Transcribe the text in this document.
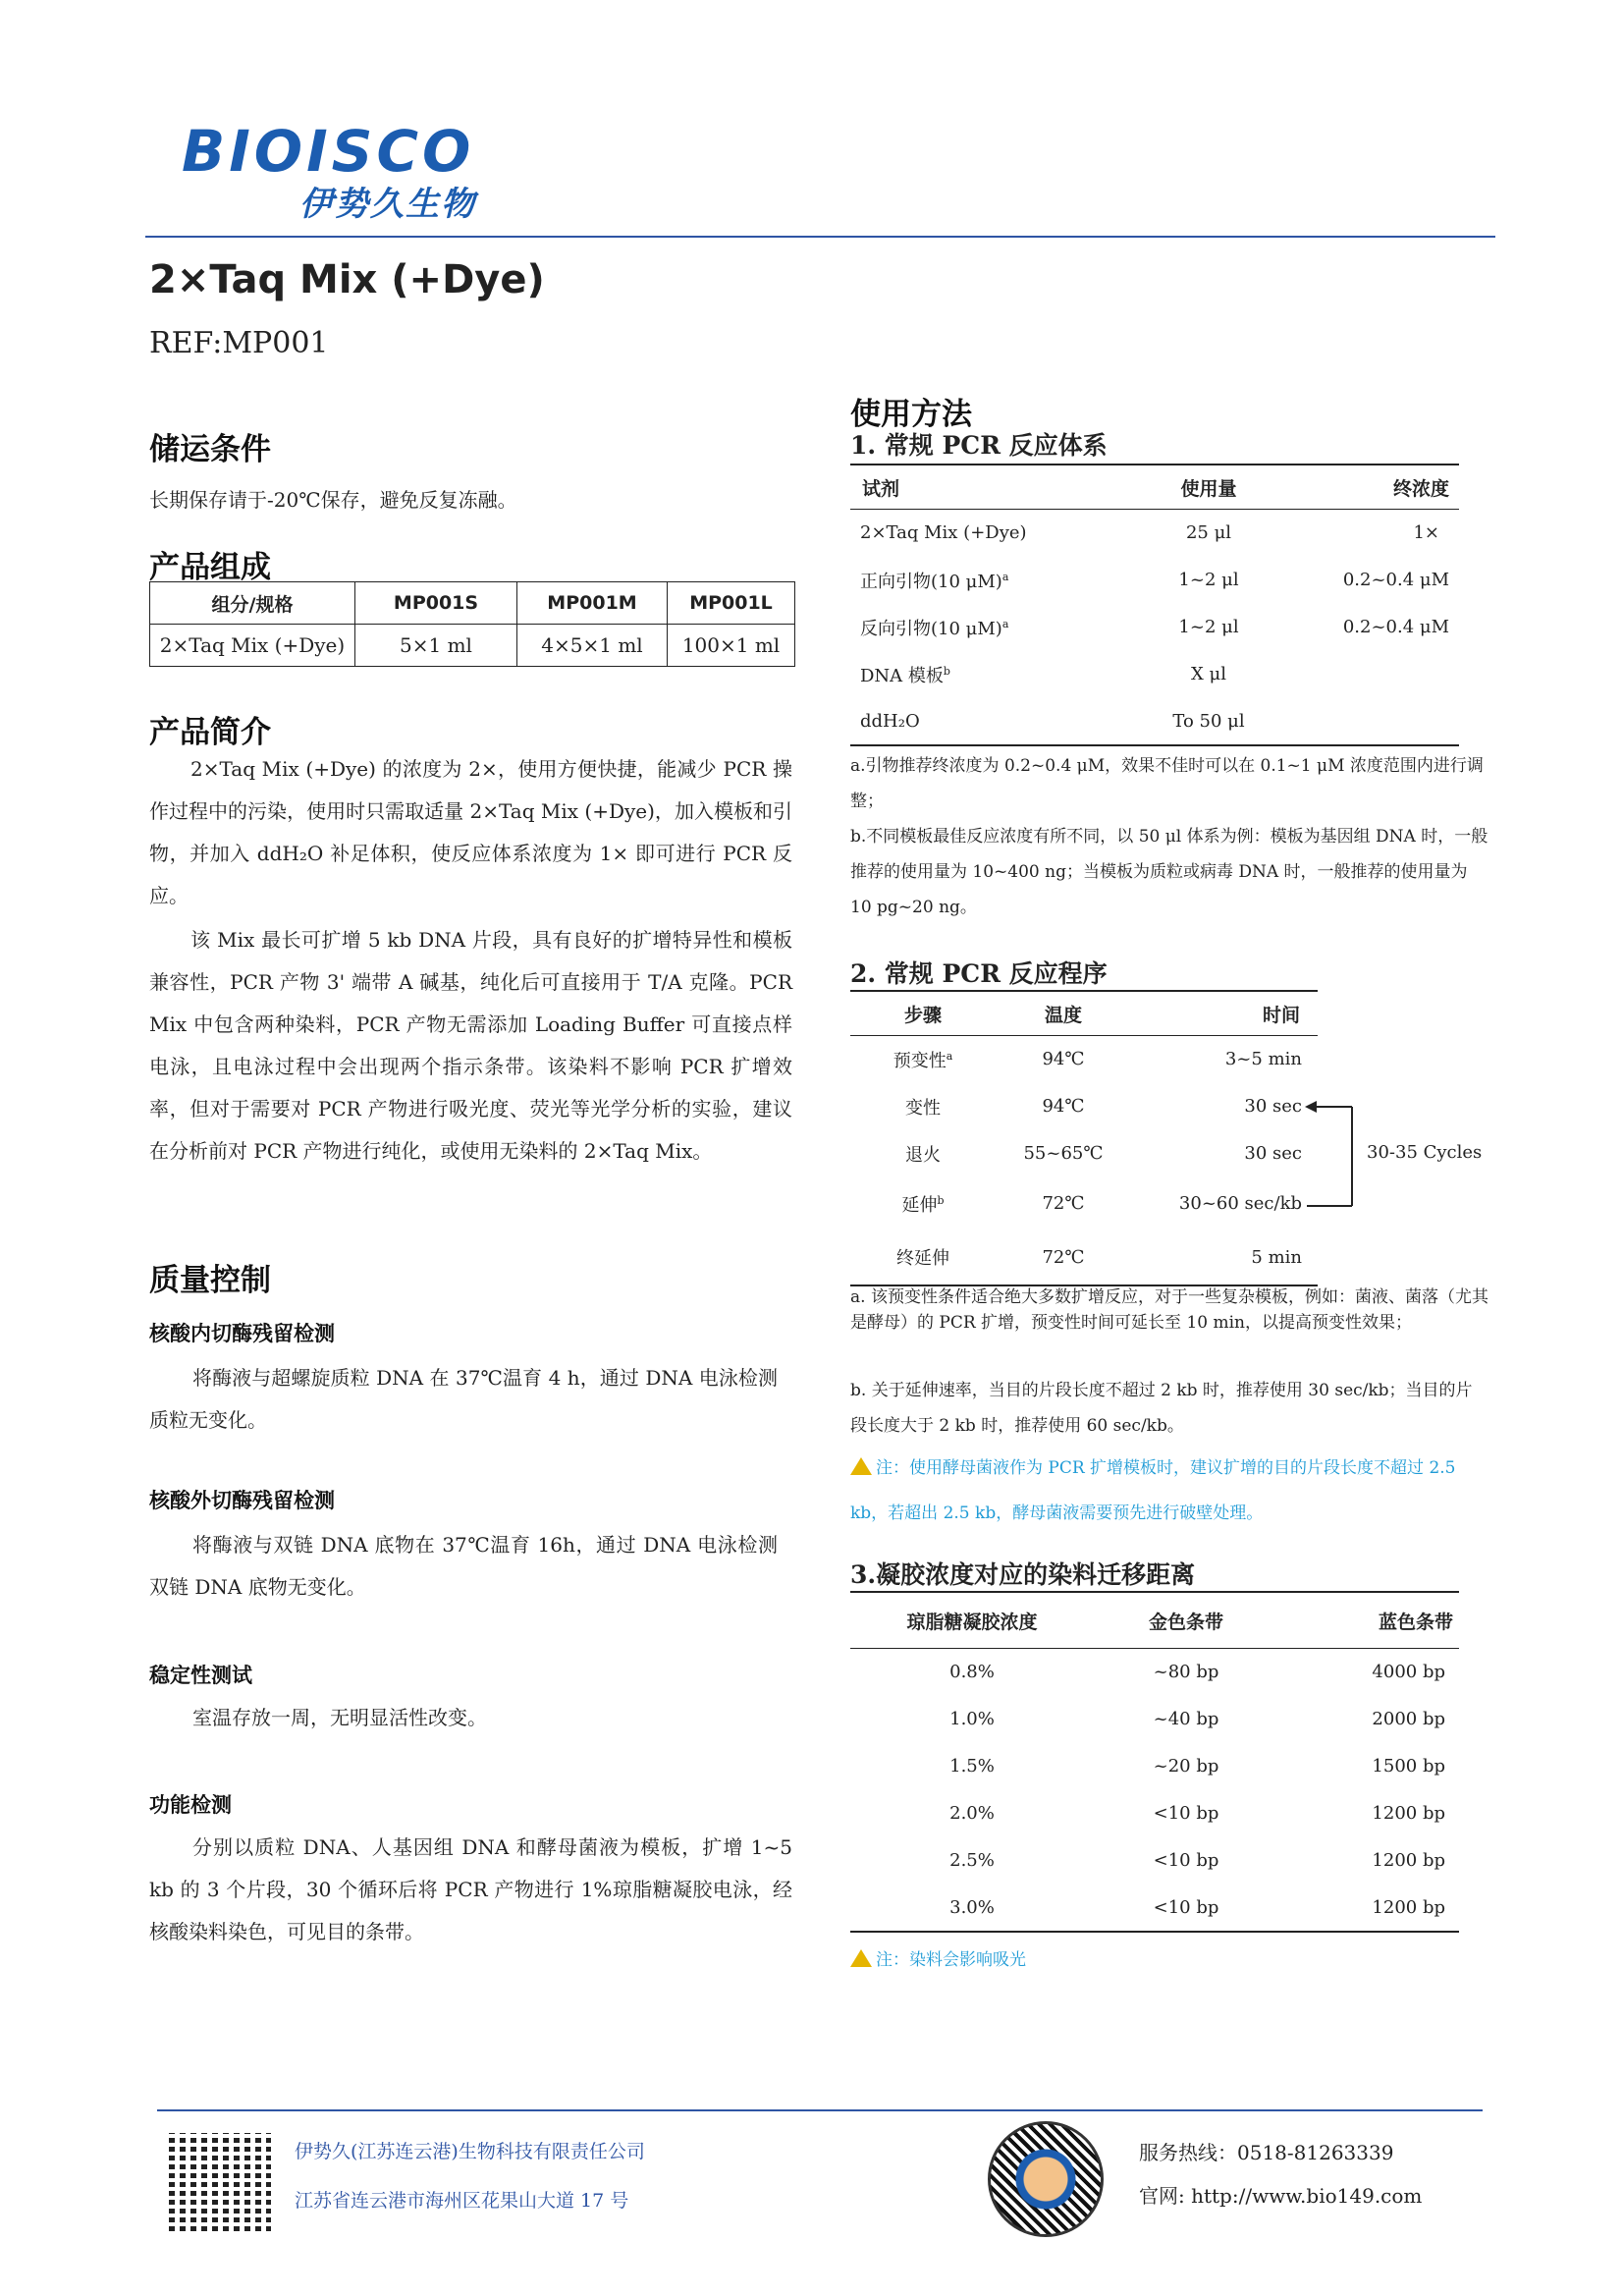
BIOISCO
伊势久生物
2×Taq Mix (+Dye)
REF:MP001
储运条件

长期保存请于-20℃保存，避免反复冻融。

产品组成
组分/规格	MP001S	MP001M	MP001L
2×Taq Mix (+Dye)	5×1 ml	4×5×1 ml	100×1 ml
产品简介

2×Taq Mix (+Dye) 的浓度为 2×，使用方便快捷，能减少 PCR 操作过程中的污染，使用时只需取适量 2×Taq Mix (+Dye)，加入模板和引物，并加入 ddH₂O 补足体积，使反应体系浓度为 1× 即可进行 PCR 反应。

该 Mix 最长可扩增 5 kb DNA 片段，具有良好的扩增特异性和模板兼容性，PCR 产物 3' 端带 A 碱基，纯化后可直接用于 T/A 克隆。PCR Mix 中包含两种染料，PCR 产物无需添加 Loading Buffer 可直接点样电泳，且电泳过程中会出现两个指示条带。该染料不影响 PCR 扩增效率，但对于需要对 PCR 产物进行吸光度、荧光等光学分析的实验，建议在分析前对 PCR 产物进行纯化，或使用无染料的 2×Taq Mix。

质量控制
核酸内切酶残留检测

将酶液与超螺旋质粒 DNA 在 37℃温育 4 h，通过 DNA 电泳检测质粒无变化。

核酸外切酶残留检测

将酶液与双链 DNA 底物在 37℃温育 16h，通过 DNA 电泳检测双链 DNA 底物无变化。

稳定性测试

室温存放一周，无明显活性改变。

功能检测

分别以质粒 DNA、人基因组 DNA 和酵母菌液为模板，扩增 1~5 kb 的 3 个片段，30 个循环后将 PCR 产物进行 1%琼脂糖凝胶电泳，经核酸染料染色，可见目的条带。

使用方法
1. 常规 PCR 反应体系
试剂	使用量	终浓度
2×Taq Mix (+Dye)	25 μl	1×
正向引物(10 μM)$^a$	1~2 μl	0.2~0.4 μM
反向引物(10 μM)$^a$	1~2 μl	0.2~0.4 μM
DNA 模板$^b$	X μl	
ddH₂O	To 50 μl	

a.引物推荐终浓度为 0.2~0.4 μM，效果不佳时可以在 0.1~1 μM 浓度范围内进行调整；

b.不同模板最佳反应浓度有所不同，以 50 μl 体系为例：模板为基因组 DNA 时，一般推荐的使用量为 10~400 ng；当模板为质粒或病毒 DNA 时，一般推荐的使用量为 10 pg~20 ng。

2. 常规 PCR 反应程序
步骤	温度	时间
预变性$^a$	94℃	3~5 min
变性	94℃	30 sec
退火	55~65℃	30 sec
延伸$^b$	72℃	30~60 sec/kb
终延伸	72℃	5 min
30-35 Cycles

a. 该预变性条件适合绝大多数扩增反应，对于一些复杂模板，例如：菌液、菌落（尤其是酵母）的 PCR 扩增，预变性时间可延长至 10 min，以提高预变性效果；

b. 关于延伸速率，当目的片段长度不超过 2 kb 时，推荐使用 30 sec/kb；当目的片段长度大于 2 kb 时，推荐使用 60 sec/kb。

注：使用酵母菌液作为 PCR 扩增模板时，建议扩增的目的片段长度不超过 2.5 kb，若超出 2.5 kb，酵母菌液需要预先进行破壁处理。

3.凝胶浓度对应的染料迁移距离
琼脂糖凝胶浓度	金色条带	蓝色条带
0.8%	~80 bp	4000 bp
1.0%	~40 bp	2000 bp
1.5%	~20 bp	1500 bp
2.0%	<10 bp	1200 bp
2.5%	<10 bp	1200 bp
3.0%	<10 bp	1200 bp

注：染料会影响吸光

伊势久(江苏连云港)生物科技有限责任公司
江苏省连云港市海州区花果山大道 17 号
服务热线：0518-81263339
官网: http://www.bio149.com
